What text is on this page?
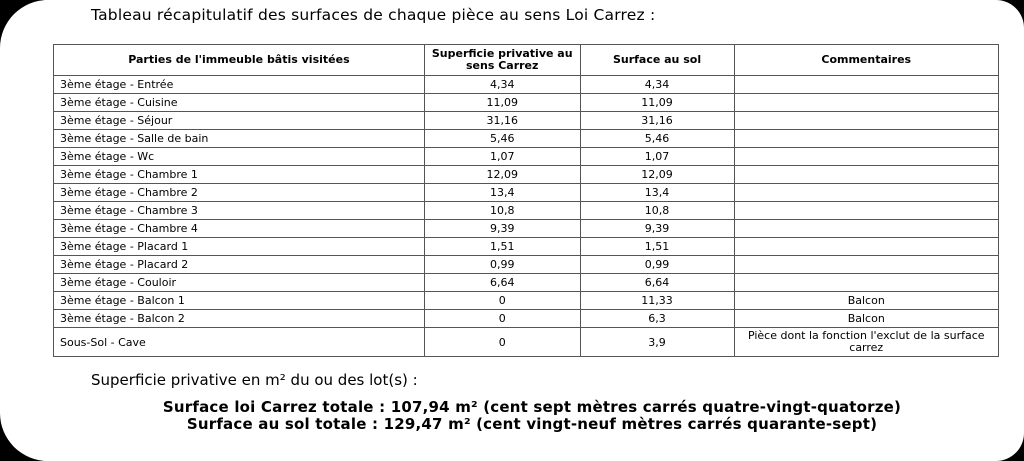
Tableau récapitulatif des surfaces de chaque pièce au sens Loi Carrez :
Parties de l'immeuble bâtis visitées	Superficie privative au sens Carrez	Surface au sol	Commentaires
3ème étage - Entrée	4,34	4,34	
3ème étage - Cuisine	11,09	11,09	
3ème étage - Séjour	31,16	31,16	
3ème étage - Salle de bain	5,46	5,46	
3ème étage - Wc	1,07	1,07	
3ème étage - Chambre 1	12,09	12,09	
3ème étage - Chambre 2	13,4	13,4	
3ème étage - Chambre 3	10,8	10,8	
3ème étage - Chambre 4	9,39	9,39	
3ème étage - Placard 1	1,51	1,51	
3ème étage - Placard 2	0,99	0,99	
3ème étage - Couloir	6,64	6,64	
3ème étage - Balcon 1	0	11,33	Balcon
3ème étage - Balcon 2	0	6,3	Balcon
Sous-Sol - Cave	0	3,9	Pièce dont la fonction l'exclut de la surface carrez
Superficie privative en m² du ou des lot(s) :
Surface loi Carrez totale : 107,94 m² (cent sept mètres carrés quatre-vingt-quatorze)
Surface au sol totale : 129,47 m² (cent vingt-neuf mètres carrés quarante-sept)
